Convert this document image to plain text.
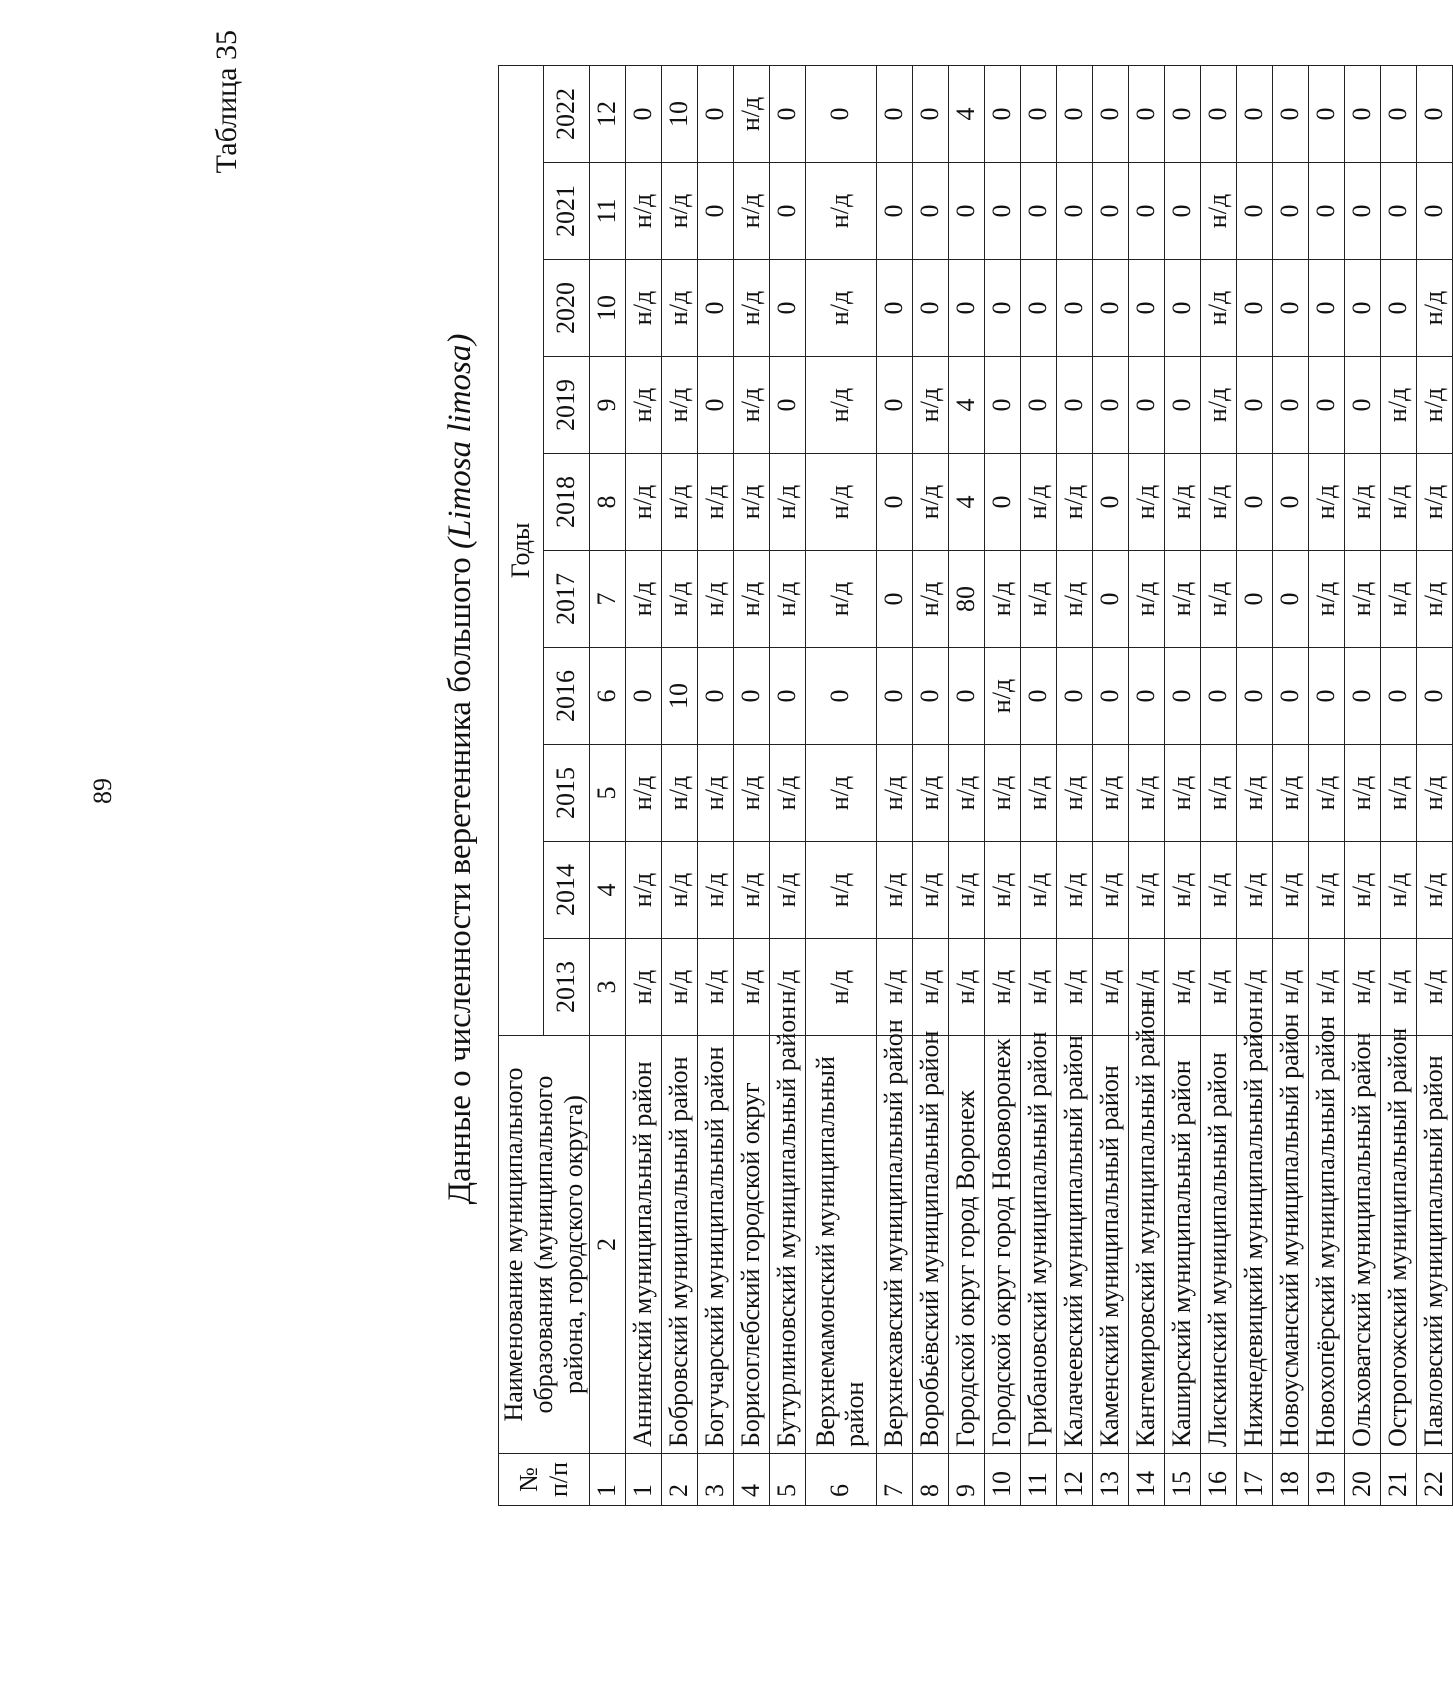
89
Таблица 35
Данные о численности веретенника большого (Limosa limosa)
№ п/п	Наименование муниципального образования (муниципального района, городского округа)	Годы									
		2013	2014	2015	2016	2017	2018	2019	2020	2021	2022
1	2	3	4	5	6	7	8	9	10	11	12
1	Аннинский муниципальный район	н/д	н/д	н/д	0	н/д	н/д	н/д	н/д	н/д	0
2	Бобровский муниципальный район	н/д	н/д	н/д	10	н/д	н/д	н/д	н/д	н/д	10
3	Богучарский муниципальный район	н/д	н/д	н/д	0	н/д	н/д	0	0	0	0
4	Борисоглебский городской округ	н/д	н/д	н/д	0	н/д	н/д	н/д	н/д	н/д	н/д
5	Бутурлиновский муниципальный район	н/д	н/д	н/д	0	н/д	н/д	0	0	0	0
6	Верхнемамонский муниципальный район	н/д	н/д	н/д	0	н/д	н/д	н/д	н/д	н/д	0
7	Верхнехавский муниципальный район	н/д	н/д	н/д	0	0	0	0	0	0	0
8	Воробьёвский муниципальный район	н/д	н/д	н/д	0	н/д	н/д	н/д	0	0	0
9	Городской округ город Воронеж	н/д	н/д	н/д	0	80	4	4	0	0	4
10	Городской округ город Нововоронеж	н/д	н/д	н/д	н/д	н/д	0	0	0	0	0
11	Грибановский муниципальный район	н/д	н/д	н/д	0	н/д	н/д	0	0	0	0
12	Калачеевский муниципальный район	н/д	н/д	н/д	0	н/д	н/д	0	0	0	0
13	Каменский муниципальный район	н/д	н/д	н/д	0	0	0	0	0	0	0
14	Кантемировский муниципальный район	н/д	н/д	н/д	0	н/д	н/д	0	0	0	0
15	Каширский муниципальный район	н/д	н/д	н/д	0	н/д	н/д	0	0	0	0
16	Лискинский муниципальный район	н/д	н/д	н/д	0	н/д	н/д	н/д	н/д	н/д	0
17	Нижнедевицкий муниципальный район	н/д	н/д	н/д	0	0	0	0	0	0	0
18	Новоусманский муниципальный район	н/д	н/д	н/д	0	0	0	0	0	0	0
19	Новохопёрский муниципальный район	н/д	н/д	н/д	0	н/д	н/д	0	0	0	0
20	Ольховатский муниципальный район	н/д	н/д	н/д	0	н/д	н/д	0	0	0	0
21	Острогожский муниципальный район	н/д	н/д	н/д	0	н/д	н/д	н/д	0	0	0
22	Павловский муниципальный район	н/д	н/д	н/д	0	н/д	н/д	н/д	н/д	0	0
